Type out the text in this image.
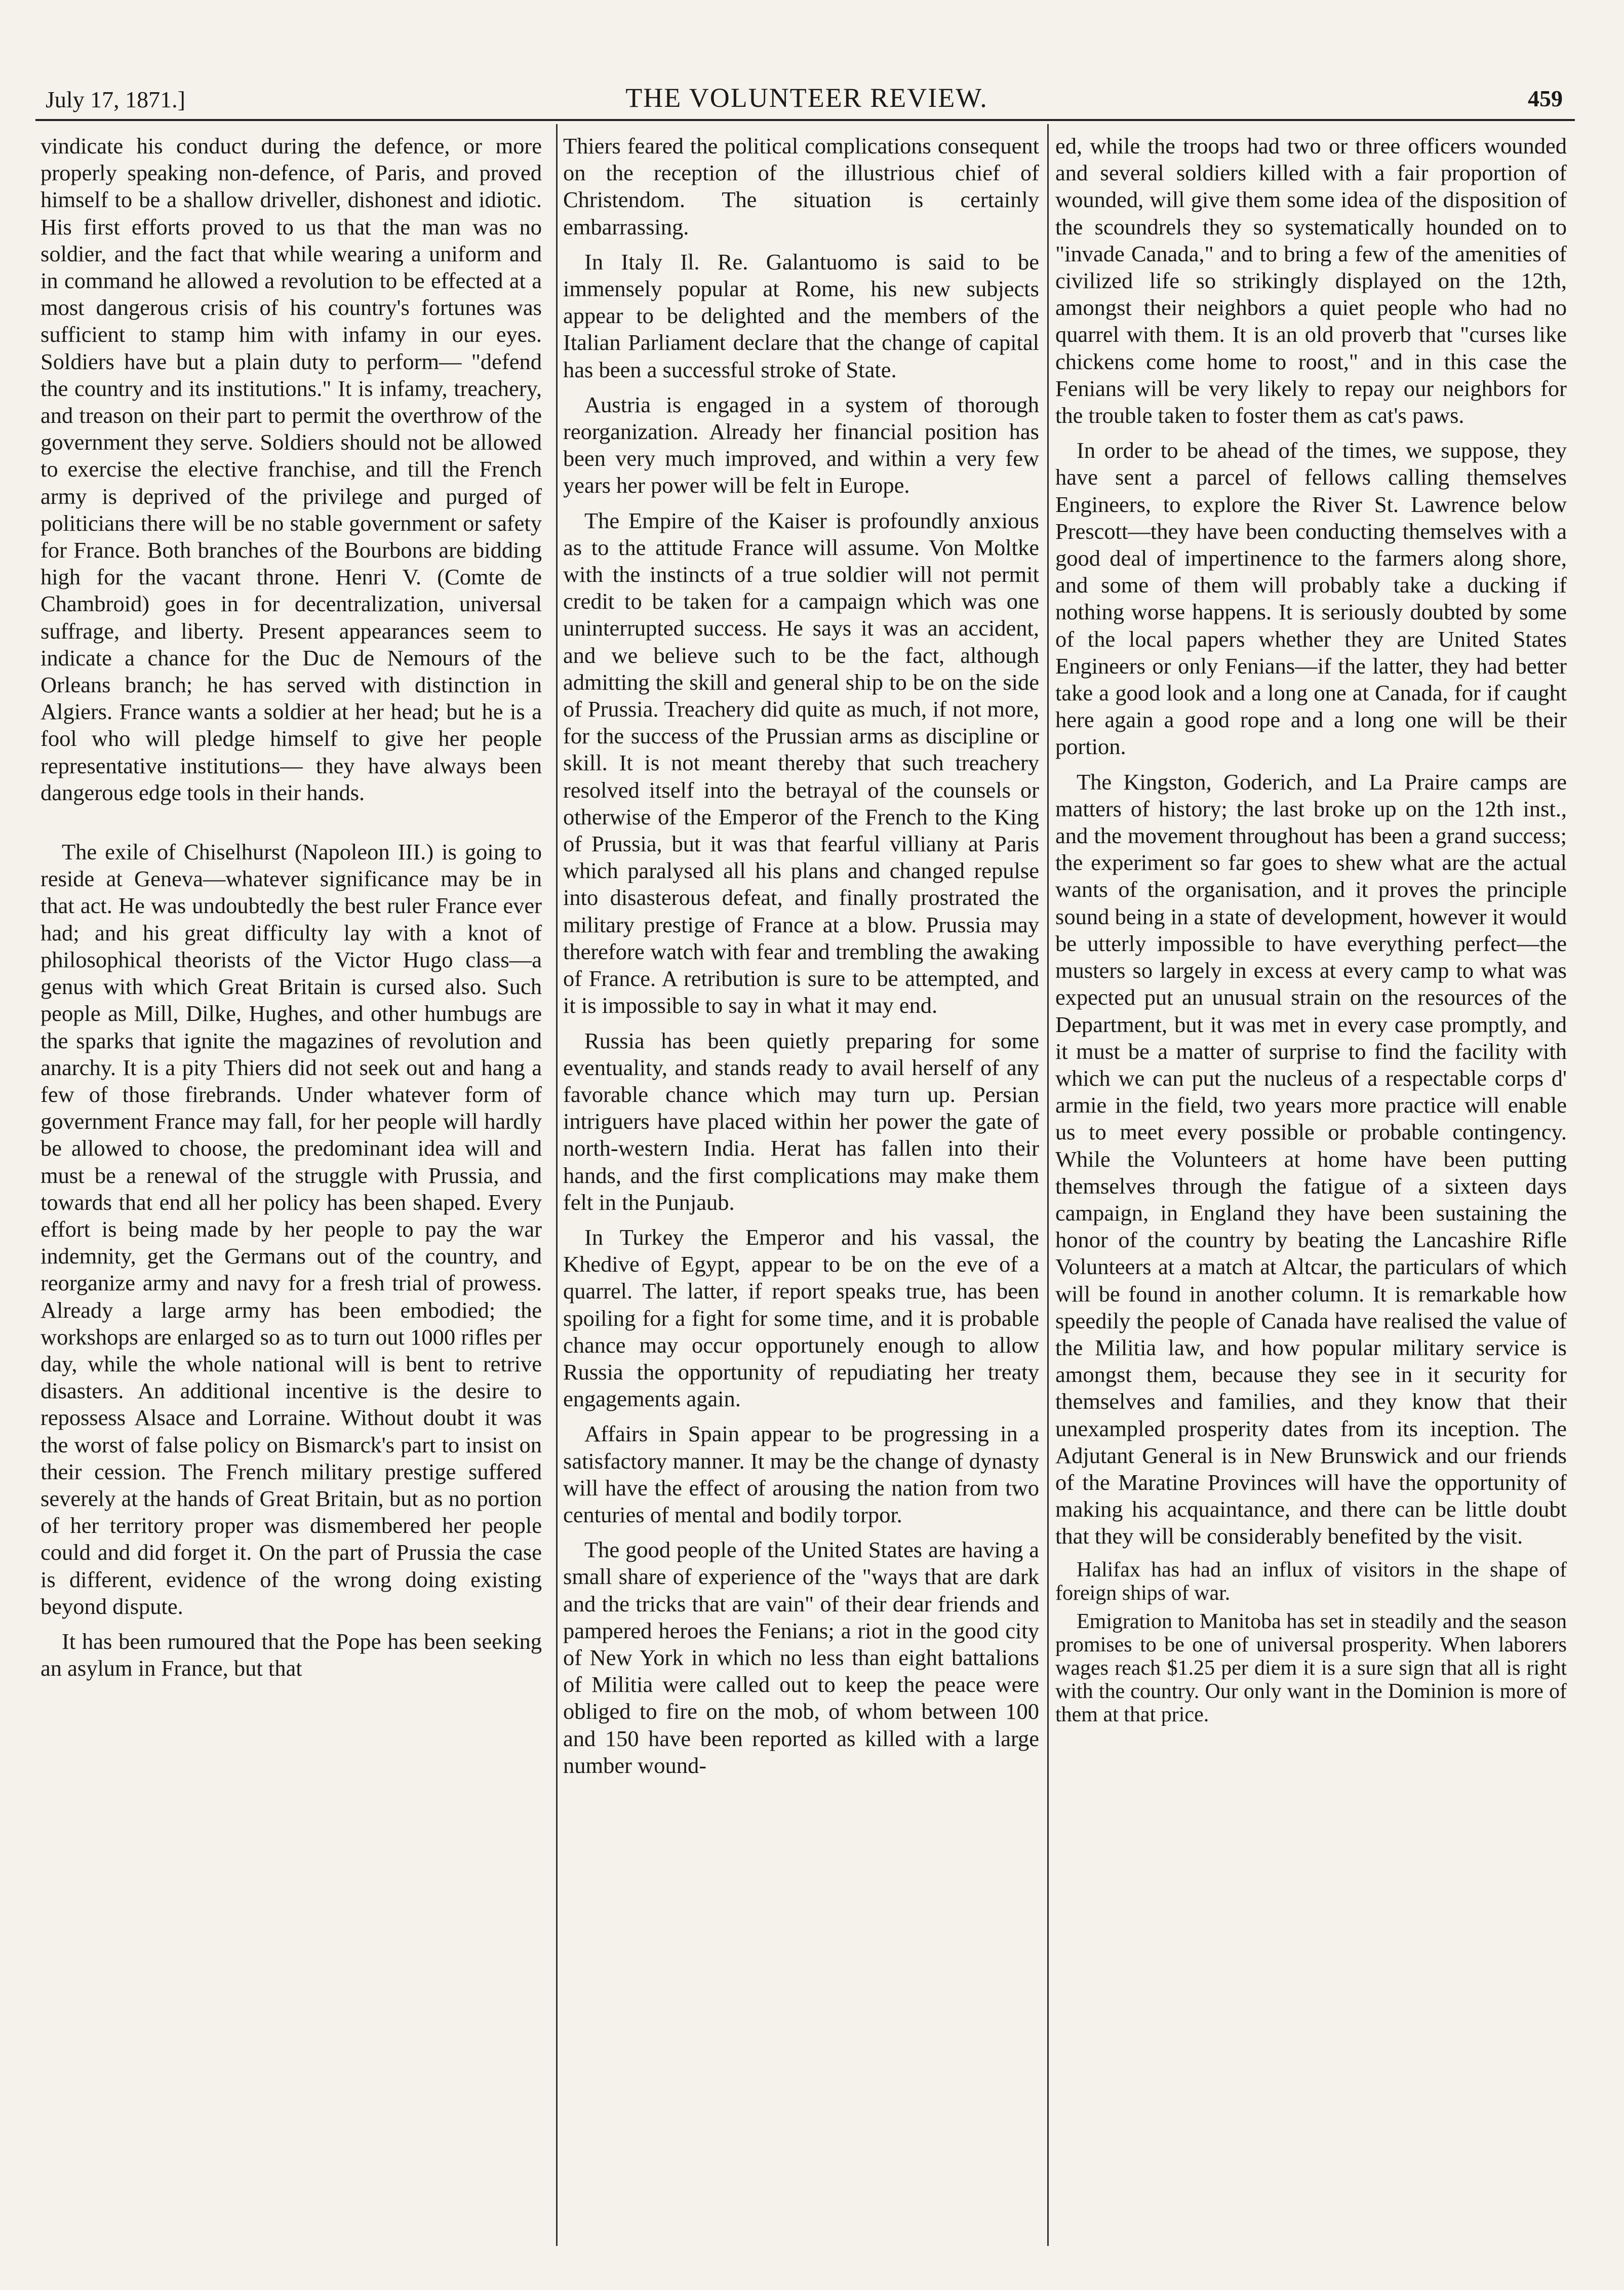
July 17, 1871.]	THE VOLUNTEER REVIEW.	459

vindicate his conduct during the defence, or more properly speaking non-defence, of Paris, and proved himself to be a shallow driveller, dishonest and idiotic. His first efforts proved to us that the man was no soldier, and the fact that while wearing a uniform and in command he allowed a revolution to be effected at a most dangerous crisis of his country's fortunes was sufficient to stamp him with infamy in our eyes. Soldiers have but a plain duty to perform— "defend the country and its institutions." It is infamy, treachery, and treason on their part to permit the overthrow of the government they serve. Soldiers should not be allowed to exercise the elective franchise, and till the French army is deprived of the privilege and purged of politicians there will be no stable government or safety for France. Both branches of the Bourbons are bidding high for the vacant throne. Henri V. (Comte de Chambroid) goes in for decentralization, universal suffrage, and liberty. Present appearances seem to indicate a chance for the Duc de Nemours of the Orleans branch; he has served with distinction in Algiers. France wants a soldier at her head; but he is a fool who will pledge himself to give her people representative institutions— they have always been dangerous edge tools in their hands.

The exile of Chiselhurst (Napoleon III.) is going to reside at Geneva—whatever significance may be in that act. He was undoubtedly the best ruler France ever had; and his great difficulty lay with a knot of philosophical theorists of the Victor Hugo class—a genus with which Great Britain is cursed also. Such people as Mill, Dilke, Hughes, and other humbugs are the sparks that ignite the magazines of revolution and anarchy. It is a pity Thiers did not seek out and hang a few of those firebrands. Under whatever form of government France may fall, for her people will hardly be allowed to choose, the predominant idea will and must be a renewal of the struggle with Prussia, and towards that end all her policy has been shaped. Every effort is being made by her people to pay the war indemnity, get the Germans out of the country, and reorganize army and navy for a fresh trial of prowess. Already a large army has been embodied; the workshops are enlarged so as to turn out 1000 rifles per day, while the whole national will is bent to retrive disasters. An additional incentive is the desire to repossess Alsace and Lorraine. Without doubt it was the worst of false policy on Bismarck's part to insist on their cession. The French military prestige suffered severely at the hands of Great Britain, but as no portion of her territory proper was dismembered her people could and did forget it. On the part of Prussia the case is different, evidence of the wrong doing existing beyond dispute.

It has been rumoured that the Pope has been seeking an asylum in France, but that

Thiers feared the political complications consequent on the reception of the illustrious chief of Christendom. The situation is certainly embarrassing.

In Italy Il. Re. Galantuomo is said to be immensely popular at Rome, his new subjects appear to be delighted and the members of the Italian Parliament declare that the change of capital has been a successful stroke of State.

Austria is engaged in a system of thorough reorganization. Already her financial position has been very much improved, and within a very few years her power will be felt in Europe.

The Empire of the Kaiser is profoundly anxious as to the attitude France will assume. Von Moltke with the instincts of a true soldier will not permit credit to be taken for a campaign which was one uninterrupted success. He says it was an accident, and we believe such to be the fact, although admitting the skill and general ship to be on the side of Prussia. Treachery did quite as much, if not more, for the success of the Prussian arms as discipline or skill. It is not meant thereby that such treachery resolved itself into the betrayal of the counsels or otherwise of the Emperor of the French to the King of Prussia, but it was that fearful villiany at Paris which paralysed all his plans and changed repulse into disasterous defeat, and finally prostrated the military prestige of France at a blow. Prussia may therefore watch with fear and trembling the awaking of France. A retribution is sure to be attempted, and it is impossible to say in what it may end.

Russia has been quietly preparing for some eventuality, and stands ready to avail herself of any favorable chance which may turn up. Persian intriguers have placed within her power the gate of north-western India. Herat has fallen into their hands, and the first complications may make them felt in the Punjaub.

In Turkey the Emperor and his vassal, the Khedive of Egypt, appear to be on the eve of a quarrel. The latter, if report speaks true, has been spoiling for a fight for some time, and it is probable chance may occur opportunely enough to allow Russia the opportunity of repudiating her treaty engagements again.

Affairs in Spain appear to be progressing in a satisfactory manner. It may be the change of dynasty will have the effect of arousing the nation from two centuries of mental and bodily torpor.

The good people of the United States are having a small share of experience of the "ways that are dark and the tricks that are vain" of their dear friends and pampered heroes the Fenians; a riot in the good city of New York in which no less than eight battalions of Militia were called out to keep the peace were obliged to fire on the mob, of whom between 100 and 150 have been reported as killed with a large number wound-

ed, while the troops had two or three officers wounded and several soldiers killed with a fair proportion of wounded, will give them some idea of the disposition of the scoundrels they so systematically hounded on to "invade Canada," and to bring a few of the amenities of civilized life so strikingly displayed on the 12th, amongst their neighbors a quiet people who had no quarrel with them. It is an old proverb that "curses like chickens come home to roost," and in this case the Fenians will be very likely to repay our neighbors for the trouble taken to foster them as cat's paws.

In order to be ahead of the times, we suppose, they have sent a parcel of fellows calling themselves Engineers, to explore the River St. Lawrence below Prescott—they have been conducting themselves with a good deal of impertinence to the farmers along shore, and some of them will probably take a ducking if nothing worse happens. It is seriously doubted by some of the local papers whether they are United States Engineers or only Fenians—if the latter, they had better take a good look and a long one at Canada, for if caught here again a good rope and a long one will be their portion.

The Kingston, Goderich, and La Praire camps are matters of history; the last broke up on the 12th inst., and the movement throughout has been a grand success; the experiment so far goes to shew what are the actual wants of the organisation, and it proves the principle sound being in a state of development, however it would be utterly impossible to have everything perfect—the musters so largely in excess at every camp to what was expected put an unusual strain on the resources of the Department, but it was met in every case promptly, and it must be a matter of surprise to find the facility with which we can put the nucleus of a respectable corps d' armie in the field, two years more practice will enable us to meet every possible or probable contingency. While the Volunteers at home have been putting themselves through the fatigue of a sixteen days campaign, in England they have been sustaining the honor of the country by beating the Lancashire Rifle Volunteers at a match at Altcar, the particulars of which will be found in another column. It is remarkable how speedily the people of Canada have realised the value of the Militia law, and how popular military service is amongst them, because they see in it security for themselves and families, and they know that their unexampled prosperity dates from its inception. The Adjutant General is in New Brunswick and our friends of the Maratine Provinces will have the opportunity of making his acquaintance, and there can be little doubt that they will be considerably benefited by the visit.

Halifax has had an influx of visitors in the shape of foreign ships of war.

Emigration to Manitoba has set in steadily and the season promises to be one of universal prosperity. When laborers wages reach $1.25 per diem it is a sure sign that all is right with the country. Our only want in the Dominion is more of them at that price.
